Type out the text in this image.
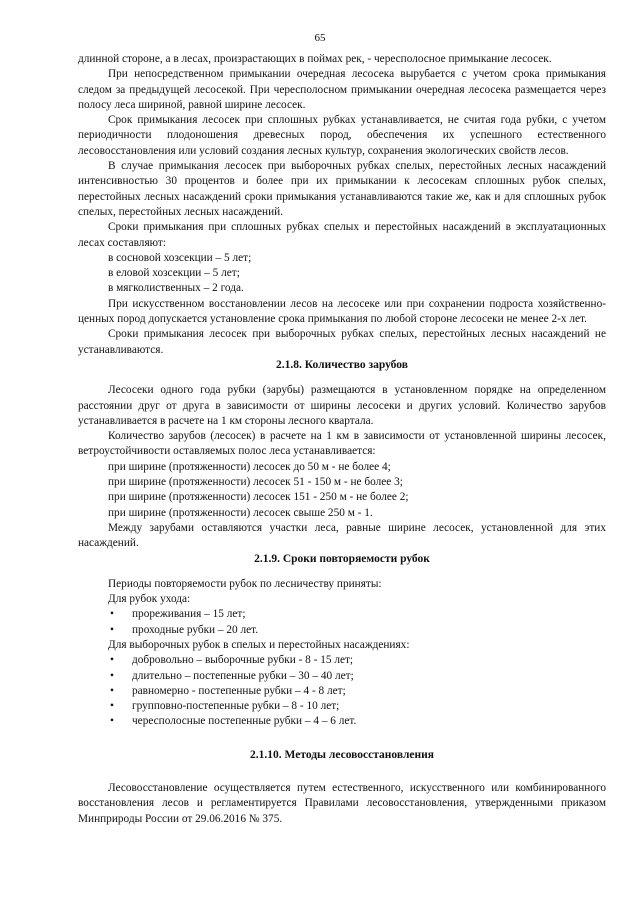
65

длинной стороне, а в лесах, произрастающих в поймах рек, - чересполосное примыкание лесосек.

При непосредственном примыкании очередная лесосека вырубается с учетом срока примыкания следом за предыдущей лесосекой. При чересполосном примыкании очередная лесосека размещается через полосу леса шириной, равной ширине лесосек.

Срок примыкания лесосек при сплошных рубках устанавливается, не считая года рубки, с учетом периодичности плодоношения древесных пород, обеспечения их успешного естественного лесовосстановления или условий создания лесных культур, сохранения экологических свойств лесов.

В случае примыкания лесосек при выборочных рубках спелых, перестойных лесных насаждений интенсивностью 30 процентов и более при их примыкании к лесосекам сплошных рубок спелых, перестойных лесных насаждений сроки примыкания устанавливаются такие же, как и для сплошных рубок спелых, перестойных лесных насаждений.

Сроки примыкания при сплошных рубках спелых и перестойных насаждений в эксплуатационных лесах составляют:

в сосновой хозсекции – 5 лет;

в еловой хозсекции – 5 лет;

в мягколиственных – 2 года.

При искусственном восстановлении лесов на лесосеке или при сохранении подроста хозяйственно-ценных пород допускается установление срока примыкания по любой стороне лесосеки не менее 2-х лет.

Сроки примыкания лесосек при выборочных рубках спелых, перестойных лесных насаждений не устанавливаются.

2.1.8. Количество зарубов

Лесосеки одного года рубки (зарубы) размещаются в установленном порядке на определенном расстоянии друг от друга в зависимости от ширины лесосеки и других условий. Количество зарубов устанавливается в расчете на 1 км стороны лесного квартала.

Количество зарубов (лесосек) в расчете на 1 км в зависимости от установленной ширины лесосек, ветроустойчивости оставляемых полос леса устанавливается:

при ширине (протяженности) лесосек до 50 м - не более 4;

при ширине (протяженности) лесосек 51 - 150 м - не более 3;

при ширине (протяженности) лесосек 151 - 250 м - не более 2;

при ширине (протяженности) лесосек свыше 250 м - 1.

Между зарубами оставляются участки леса, равные ширине лесосек, установленной для этих насаждений.

2.1.9. Сроки повторяемости рубок

Периоды повторяемости рубок по лесничеству приняты:

Для рубок ухода:

• прореживания – 15 лет;
• проходные рубки – 20 лет.

Для выборочных рубок в спелых и перестойных насаждениях:

• добровольно – выборочные рубки - 8 - 15 лет;
• длительно – постепенные рубки – 30 – 40 лет;
• равномерно - постепенные рубки – 4 - 8 лет;
• групповно-постепенные рубки – 8 - 10 лет;
• чересполосные постепенные рубки – 4 – 6 лет.
2.1.10. Методы лесовосстановления

Лесовосстановление осуществляется путем естественного, искусственного или комбинированного восстановления лесов и регламентируется Правилами лесовосстановления, утвержденными приказом Минприроды России от 29.06.2016 № 375.
